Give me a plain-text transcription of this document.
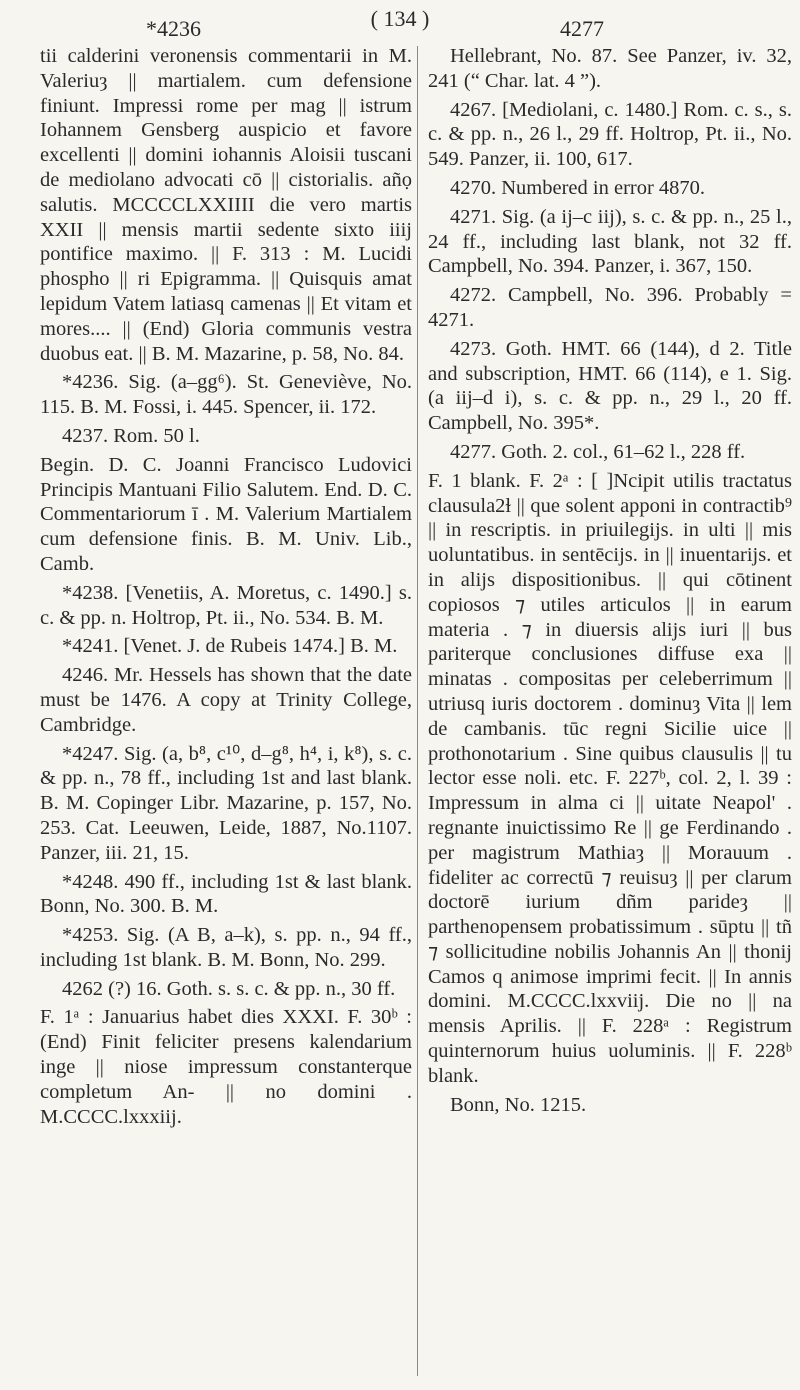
( 134 )
*4236	4277

tii calderini veronensis commentarii in M. Valeriuȝ || martialem. cum defensione finiunt. Impressi rome per mag || istrum Iohannem Gensberg auspicio et favore excellenti || domini iohannis Aloisii tuscani de mediolano advocati cō || cistorialis. añọ salutis. MCCCCLXXIIII die vero martis XXII || mensis martii sedente sixto iiij pontifice maximo. || F. 313 : M. Lucidi phospho || ri Epigramma. || Quisquis amat lepidum Vatem latiasq camenas || Et vitam et mores.... || (End) Gloria communis vestra duobus eat. || B. M. Mazarine, p. 58, No. 84.

*4236. Sig. (a–gg⁶). St. Geneviève, No. 115. B. M. Fossi, i. 445. Spencer, ii. 172.

4237. Rom. 50 l.

Begin. D. C. Joanni Francisco Ludovici Principis Mantuani Filio Salutem. End. D. C. Commentariorum ī . M. Valerium Martialem cum defensione finis. B. M. Univ. Lib., Camb.

*4238. [Venetiis, A. Moretus, c. 1490.] s. c. & pp. n. Holtrop, Pt. ii., No. 534. B. M.

*4241. [Venet. J. de Rubeis 1474.] B. M.

4246. Mr. Hessels has shown that the date must be 1476. A copy at Trinity College, Cambridge.

*4247. Sig. (a, b⁸, c¹⁰, d–g⁸, h⁴, i, k⁸), s. c. & pp. n., 78 ff., including 1st and last blank. B. M. Copinger Libr. Mazarine, p. 157, No. 253. Cat. Leeuwen, Leide, 1887, No.1107. Panzer, iii. 21, 15.

*4248. 490 ff., including 1st & last blank. Bonn, No. 300. B. M.

*4253. Sig. (A B, a–k), s. pp. n., 94 ff., including 1st blank. B. M. Bonn, No. 299.

4262 (?) 16. Goth. s. s. c. & pp. n., 30 ff.

F. 1ᵃ : Januarius habet dies XXXI. F. 30ᵇ : (End) Finit feliciter presens kalendarium inge || niose impressum constanterque completum An- || no domini . M.CCCC.lxxxiij.

Hellebrant, No. 87. See Panzer, iv. 32, 241 (“ Char. lat. 4 ”).

4267. [Mediolani, c. 1480.] Rom. c. s., s. c. & pp. n., 26 l., 29 ff. Holtrop, Pt. ii., No. 549. Panzer, ii. 100, 617.

4270. Numbered in error 4870.

4271. Sig. (a ij–c iij), s. c. & pp. n., 25 l., 24 ff., including last blank, not 32 ff. Campbell, No. 394. Panzer, i. 367, 150.

4272. Campbell, No. 396. Probably = 4271.

4273. Goth. HMT. 66 (144), d 2. Title and subscription, HMT. 66 (114), e 1. Sig. (a iij–d i), s. c. & pp. n., 29 l., 20 ff. Campbell, No. 395*.

4277. Goth. 2. col., 61–62 l., 228 ff.

F. 1 blank. F. 2ᵃ : [ ]Ncipit utilis tractatus clausula2ɫ || que solent apponi in contractib⁹ || in rescriptis. in priuilegijs. in ulti || mis uoluntatibus. in sentēcijs. in || inuentarijs. et in alijs dispositionibus. || qui cōtinent copiosos ⁊ utiles articulos || in earum materia . ⁊ in diuersis alijs iuri || bus pariterque conclusiones diffuse exa || minatas . compositas per celeberrimum || utriusq iuris doctorem . dominuȝ Vita || lem de cambanis. tūc regni Sicilie uice || prothonotarium . Sine quibus clausulis || tu lector esse noli. etc. F. 227ᵇ, col. 2, l. 39 : Impressum in alma ci || uitate Neapol' . regnante inuictissimo Re || ge Ferdinando . per magistrum Mathiaȝ || Morauum . fideliter ac correctū ⁊ reuisuȝ || per clarum doctorē iurium dñm parideȝ || parthenopensem probatissimum . sūptu || tñ ⁊ sollicitudine nobilis Johannis An || thonij Camos q animose imprimi fecit. || In annis domini. M.CCCC.lxxviij. Die no || na mensis Aprilis. || F. 228ᵃ : Registrum quinternorum huius uoluminis. || F. 228ᵇ blank.

Bonn, No. 1215.
